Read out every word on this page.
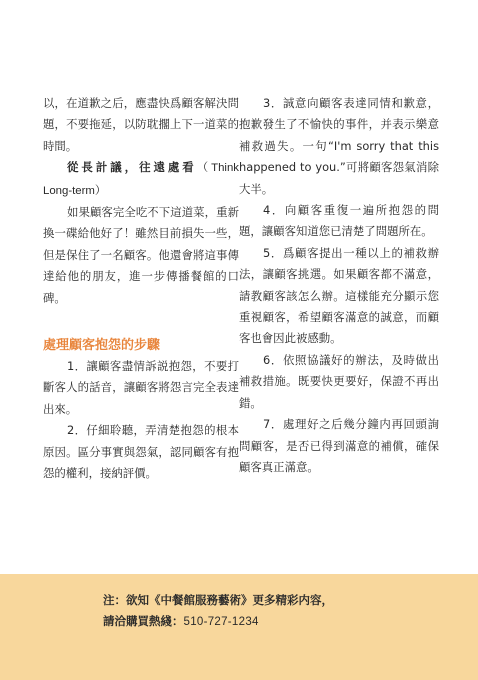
以，在道歉之后，應盡快爲顧客解決問題，不要拖延，以防耽擱上下一道菜的時間。

從長計議，往遠處看（Think Long-term）

如果顧客完全吃不下這道菜，重新換一碟給他好了！雖然目前損失一些，但是保住了一名顧客。他還會將這事傳達給他的朋友，進一步傳播餐館的口碑。

處理顧客抱怨的步驟

1．讓顧客盡情訴説抱怨，不要打斷客人的話音，讓顧客將怨言完全表達出來。

2．仔細聆聽，弄清楚抱怨的根本原因。區分事實與怨氣，認同顧客有抱怨的權利，接納評價。

3．誠意向顧客表達同情和歉意，抱歉發生了不愉快的事件，并表示樂意補救過失。一句“I'm sorry that this happened to you.”可將顧客怨氣消除大半。

4．向顧客重復一遍所抱怨的問題，讓顧客知道您已清楚了問題所在。

5．爲顧客提出一種以上的補救辦法，讓顧客挑選。如果顧客都不滿意，請教顧客該怎么辦。這樣能充分顯示您重視顧客，希望顧客滿意的誠意，而顧客也會因此被感動。

6．依照協議好的辦法，及時做出補救措施。既要快更要好，保證不再出錯。

7．處理好之后幾分鐘内再回頭詢問顧客，是否已得到滿意的補償，確保顧客真正滿意。

注：欲知《中餐館服務藝術》更多精彩内容，
請洽購買熱綫：510-727-1234
